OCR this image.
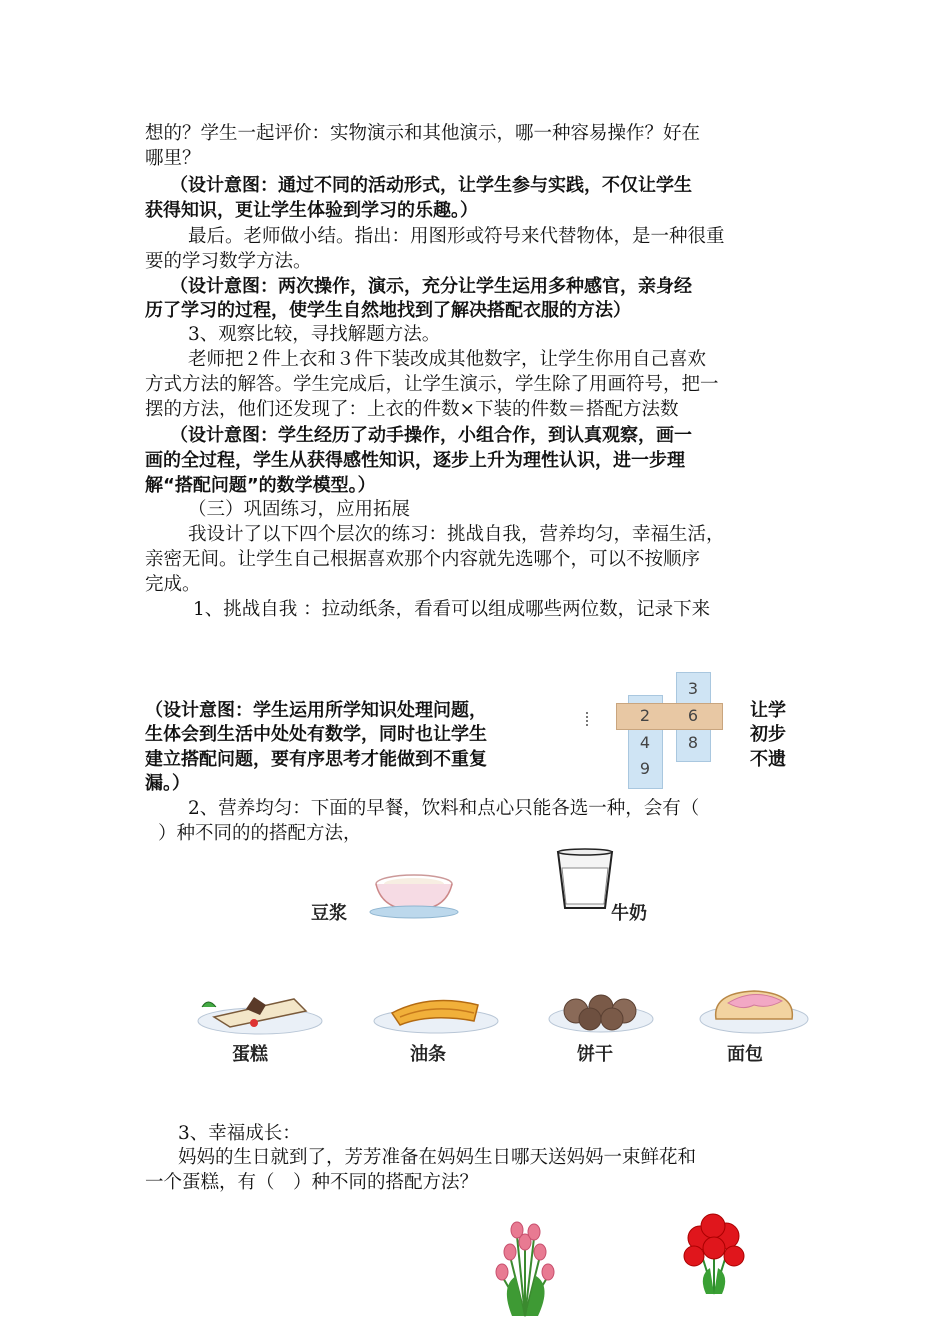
想的？学生一起评价：实物演示和其他演示，哪一种容易操作？好在

哪里？

（设计意图：通过不同的活动形式，让学生参与实践，不仅让学生

获得知识，更让学生体验到学习的乐趣。）

最后。老师做小结。指出：用图形或符号来代替物体，是一种很重

要的学习数学方法。

（设计意图：两次操作，演示，充分让学生运用多种感官，亲身经

历了学习的过程，使学生自然地找到了解决搭配衣服的方法）

3、观察比较，寻找解题方法。

老师把２件上衣和３件下装改成其他数字，让学生你用自己喜欢

方式方法的解答。学生完成后，让学生演示，学生除了用画符号，把一

摆的方法，他们还发现了：上衣的件数×下装的件数＝搭配方法数

（设计意图：学生经历了动手操作，小组合作，到认真观察，画一

画的全过程，学生从获得感性知识，逐步上升为理性认识，进一步理

解“搭配问题”的数学模型。）

（三）巩固练习，应用拓展

我设计了以下四个层次的练习：挑战自我，营养均匀，幸福生活，

亲密无间。让学生自己根据喜欢那个内容就先选哪个，可以不按顺序

完成。

1、挑战自我 ：拉动纸条，看看可以组成哪些两位数，记录下来

（设计意图：学生运用所学知识处理问题，	让学

生体会到生活中处处有数学，同时也让学生	初步

建立搭配问题，要有序思考才能做到不重复	不遗

漏。）

3
2	6
4	8
9

2、营养均匀：下面的早餐，饮料和点心只能各选一种，会有（

）种不同的的搭配方法，

豆浆	牛奶
蛋糕	油条	饼干	面包

3、幸福成长：

妈妈的生日就到了，芳芳准备在妈妈生日哪天送妈妈一束鲜花和

一个蛋糕，有（　）种不同的搭配方法？
